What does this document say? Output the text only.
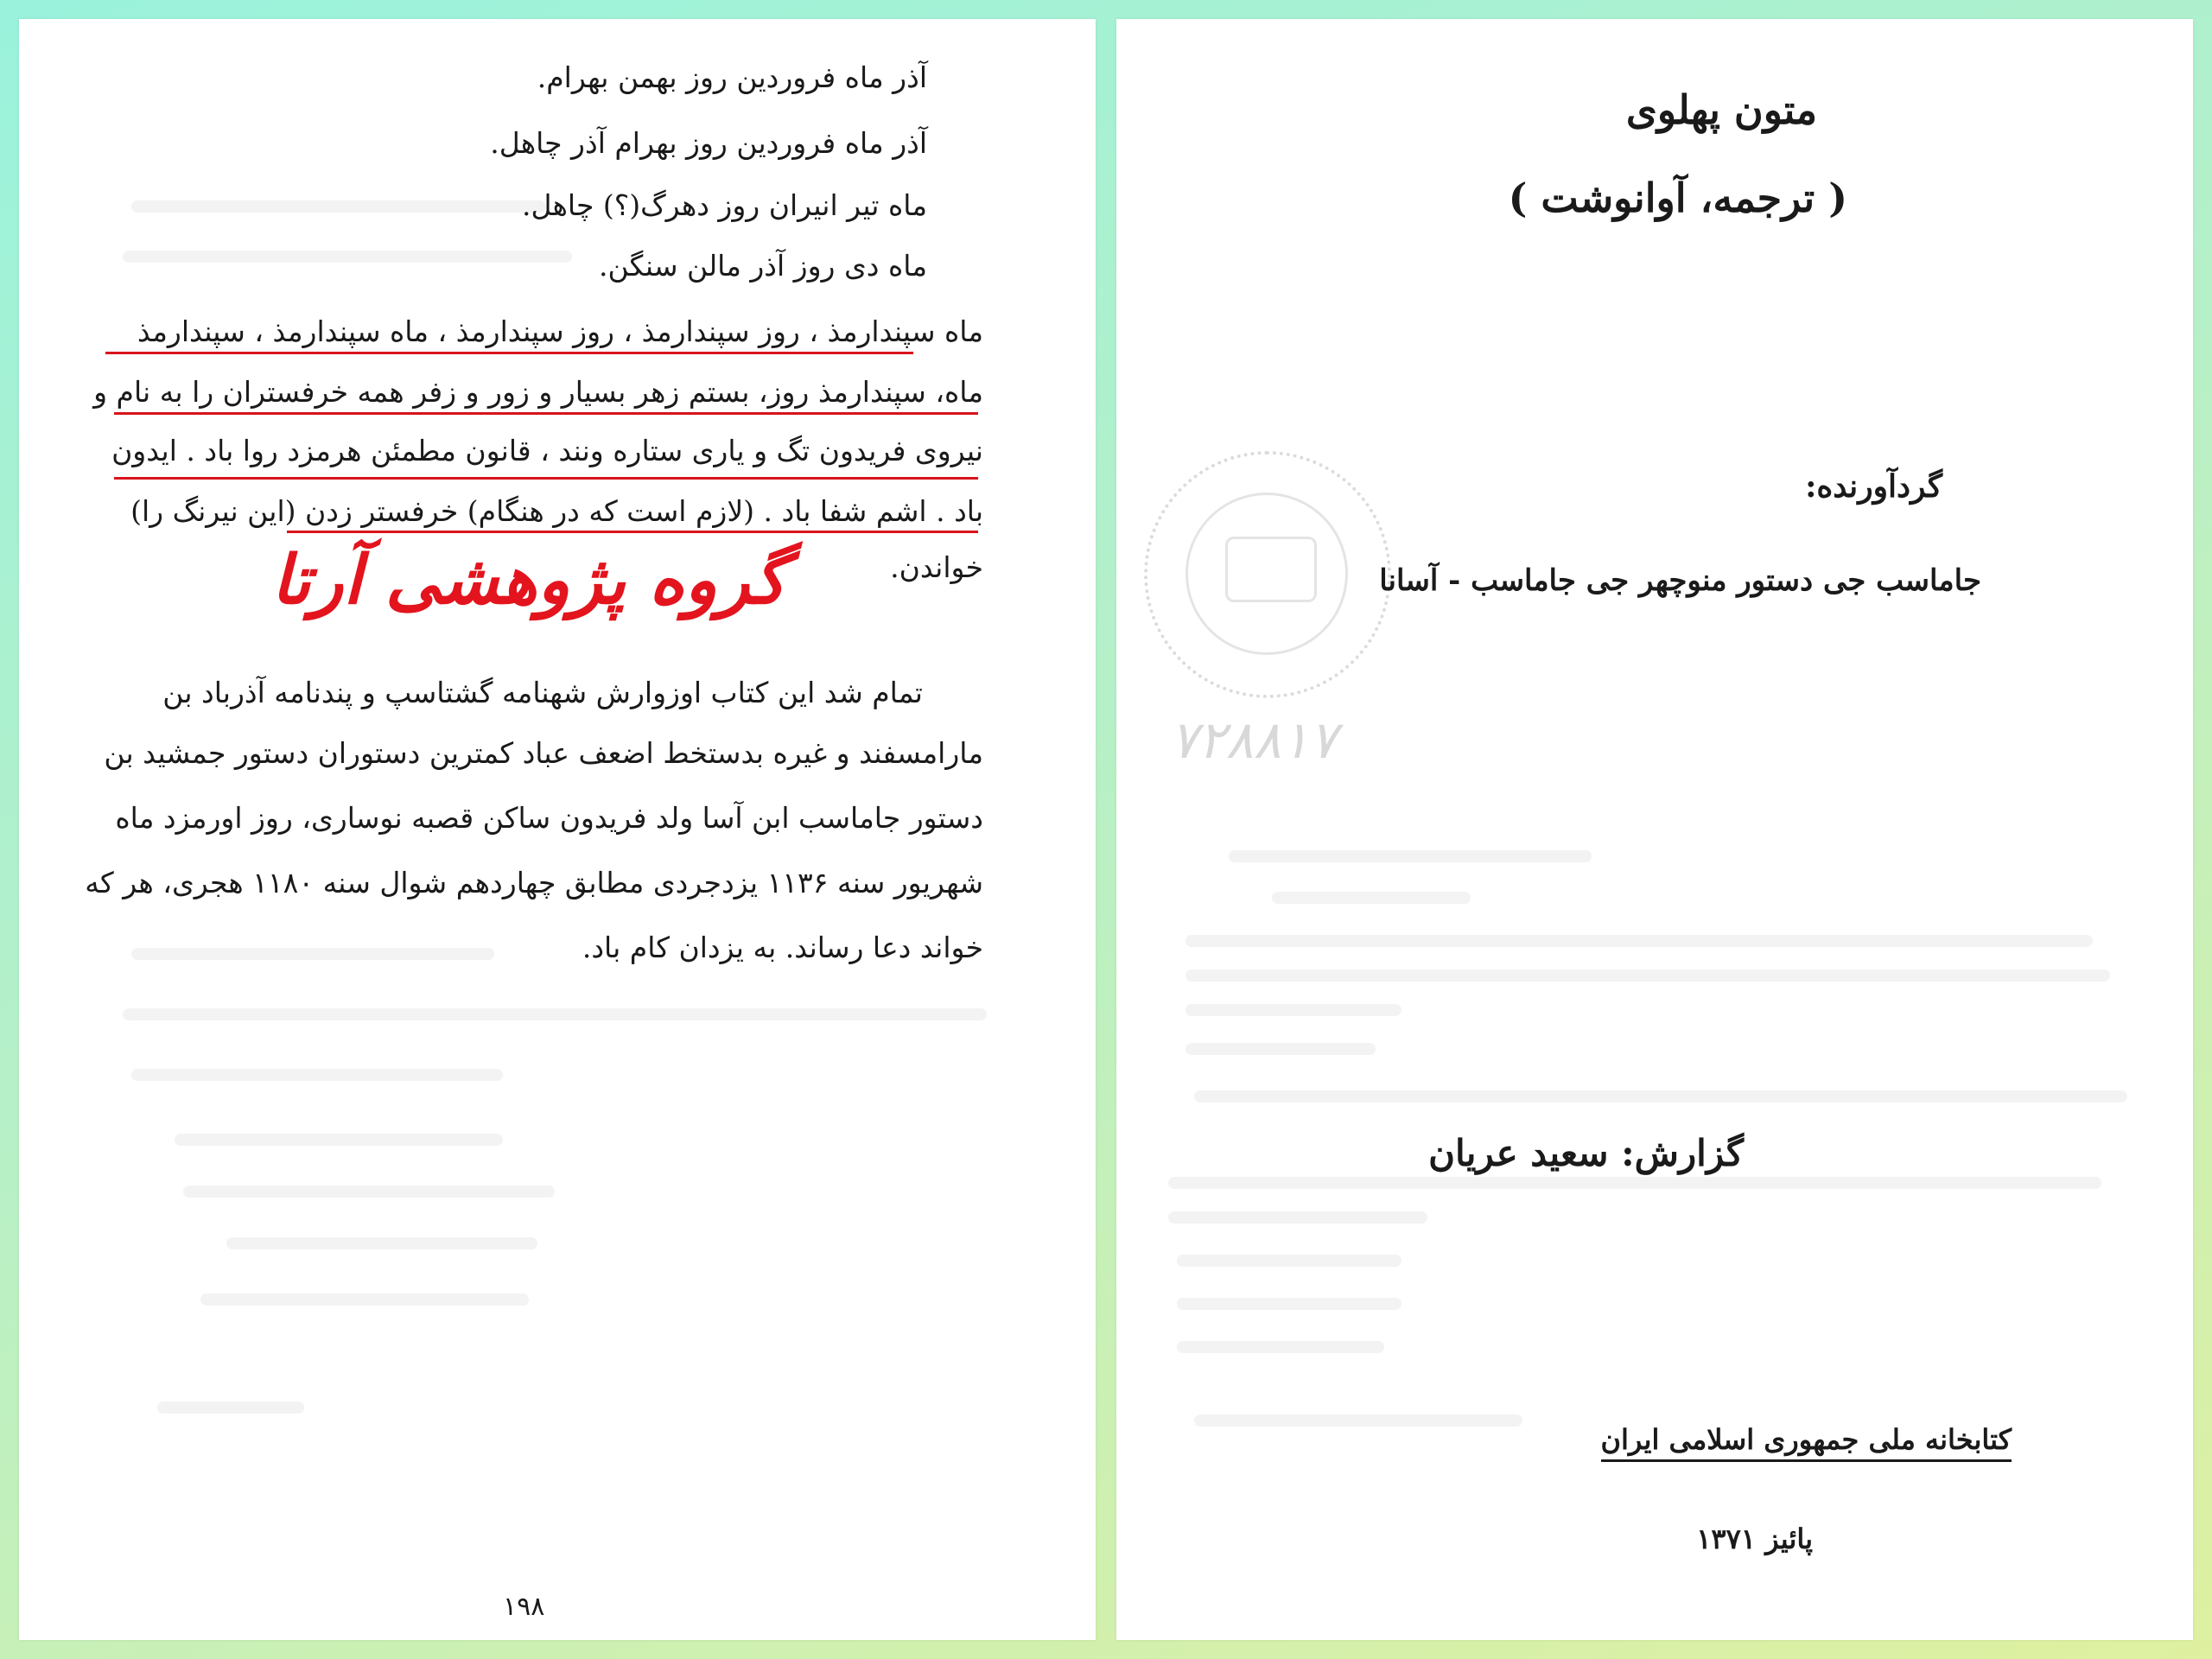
آذر ماه فروردین روز بهمن بهرام.
آذر ماه فروردین روز بهرام آذر چاهل.
ماه تیر انیران روز دهرگ(؟) چاهل.
ماه دی روز آذر مالن سنگن.
ماه سپندارمذ ، روز سپندارمذ ، روز سپندارمذ ، ماه سپندارمذ ، سپندارمذ
ماه، سپندارمذ روز، بستم زهر بسیار و زور و زفر همه خرفستران را به نام و
نیروی فریدون تگ و یاری ستاره ونند ، قانون مطمئن هرمزد روا باد . ایدون
باد . اشم شفا باد . (لازم است که در هنگام) خرفستر زدن (این نیرنگ را)
خواندن.
گروه پژوهشی آرتا
تمام شد این کتاب اوزوارش شهنامه گشتاسپ و پندنامه آذرباد بن
مارامسفند و غیره بدستخط اضعف عباد کمترین دستوران دستور جمشید بن
دستور جاماسب ابن آسا ولد فریدون ساکن قصبه نوساری، روز اورمزد ماه
شهریور سنه ۱۱۳۶ یزدجردی مطابق چهاردهم شوال سنه ۱۱۸۰ هجری، هر که
خواند دعا رساند. به یزدان کام باد.
۱۹۸
متون پهلوی
( ترجمه، آوانوشت )
۷۲۸۸۱۷
گردآورنده:
جاماسب جی دستور منوچهر جی جاماسب - آسانا
گزارش: سعید عریان
کتابخانه ملی جمهوری اسلامی ایران
پائیز ۱۳۷۱
